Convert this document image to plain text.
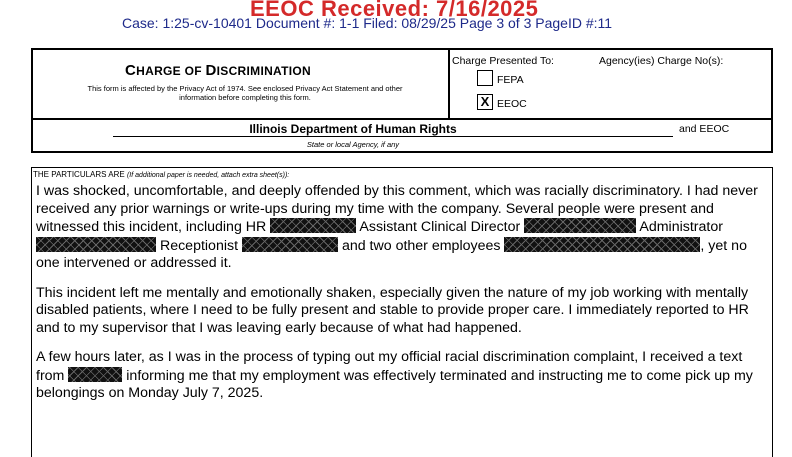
EEOC Received: 7/16/2025
Case: 1:25-cv-10401 Document #: 1-1 Filed: 08/29/25 Page 3 of 3 PageID #:11
CHARGE OF DISCRIMINATION
This form is affected by the Privacy Act of 1974. See enclosed Privacy Act Statement and other information before completing this form.
Charge Presented To:	Agency(ies) Charge No(s):
FEPA
X EEOC
Illinois Department of Human Rights	and EEOC
State or local Agency, if any
THE PARTICULARS ARE (If additional paper is needed, attach extra sheet(s)):

I was shocked, uncomfortable, and deeply offended by this comment, which was racially discriminatory. I had never received any prior warnings or write-ups during my time with the company. Several people were present and witnessed this incident, including HR	Assistant Clinical Director	Administrator  Receptionist	and two other employees	, yet no one intervened or addressed it.

This incident left me mentally and emotionally shaken, especially given the nature of my job working with mentally disabled patients, where I need to be fully present and stable to provide proper care. I immediately reported to HR and to my supervisor that I was leaving early because of what had happened.

A few hours later, as I was in the process of typing out my official racial discrimination complaint, I received a text from	informing me that my employment was effectively terminated and instructing me to come pick up my belongings on Monday July 7, 2025.
